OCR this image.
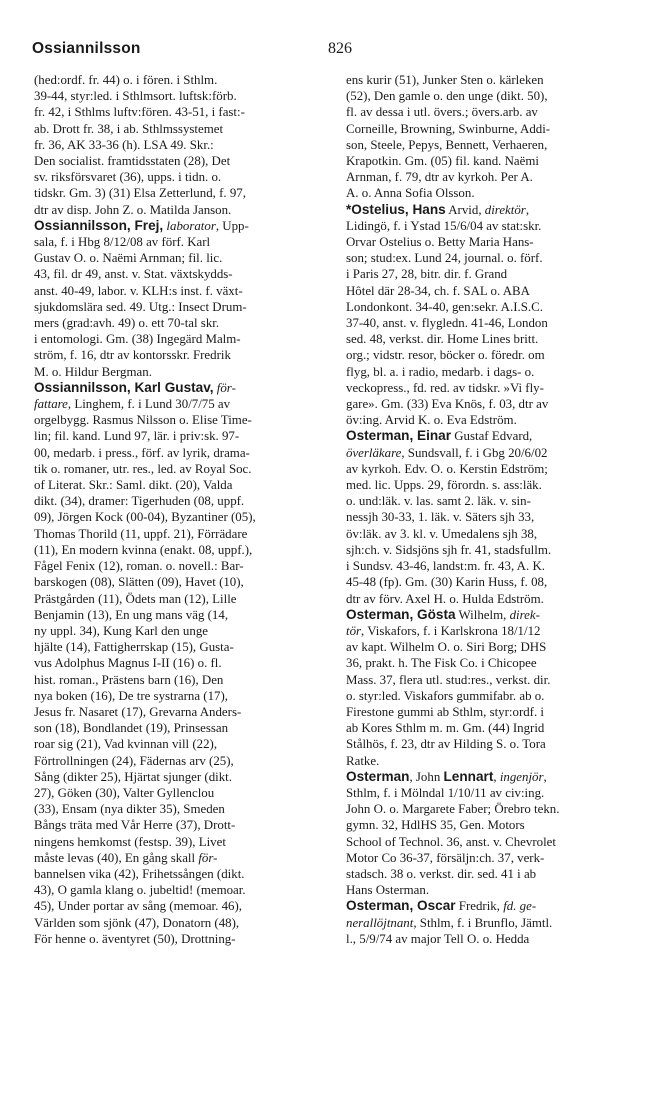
Ossiannilsson	826
(hed:ordf. fr. 44) o. i fören. i Sthlm.
39-44, styr:led. i Sthlmsort. luftsk:förb.
fr. 42, i Sthlms luftv:fören. 43-51, i fast:-
ab. Drott fr. 38, i ab. Sthlmssystemet
fr. 36, AK 33-36 (h). LSA 49. Skr.:
Den socialist. framtidsstaten (28), Det
sv. riksförsvaret (36), upps. i tidn. o.
tidskr. Gm. 3) (31) Elsa Zetterlund, f. 97,
dtr av disp. John Z. o. Matilda Janson.
Ossiannilsson, Frej, laborator, Upp-
sala, f. i Hbg 8/12/08 av förf. Karl
Gustav O. o. Naëmi Arnman; fil. lic.
43, fil. dr 49, anst. v. Stat. växtskydds-
anst. 40-49, labor. v. KLH:s inst. f. växt-
sjukdomslära sed. 49. Utg.: Insect Drum-
mers (grad:avh. 49) o. ett 70-tal skr.
i entomologi. Gm. (38) Ingegärd Malm-
ström, f. 16, dtr av kontorsskr. Fredrik
M. o. Hildur Bergman.
Ossiannilsson, Karl Gustav, för-
fattare, Linghem, f. i Lund 30/7/75 av
orgelbygg. Rasmus Nilsson o. Elise Time-
lin; fil. kand. Lund 97, lär. i priv:sk. 97-
00, medarb. i press., förf. av lyrik, drama-
tik o. romaner, utr. res., led. av Royal Soc.
of Literat. Skr.: Saml. dikt. (20), Valda
dikt. (34), dramer: Tigerhuden (08, uppf.
09), Jörgen Kock (00-04), Byzantiner (05),
Thomas Thorild (11, uppf. 21), Förrädare
(11), En modern kvinna (enakt. 08, uppf.),
Fågel Fenix (12), roman. o. novell.: Bar-
barskogen (08), Slätten (09), Havet (10),
Prästgården (11), Ödets man (12), Lille
Benjamin (13), En ung mans väg (14,
ny uppl. 34), Kung Karl den unge
hjälte (14), Fattigherrskap (15), Gusta-
vus Adolphus Magnus I-II (16) o. fl.
hist. roman., Prästens barn (16), Den
nya boken (16), De tre systrarna (17),
Jesus fr. Nasaret (17), Grevarna Anders-
son (18), Bondlandet (19), Prinsessan
roar sig (21), Vad kvinnan vill (22),
Förtrollningen (24), Fädernas arv (25),
Sång (dikter 25), Hjärtat sjunger (dikt.
27), Göken (30), Valter Gyllenclou
(33), Ensam (nya dikter 35), Smeden
Bångs träta med Vår Herre (37), Drott-
ningens hemkomst (festsp. 39), Livet
måste levas (40), En gång skall för-
bannelsen vika (42), Frihetssången (dikt.
43), O gamla klang o. jubeltid! (memoar.
45), Under portar av sång (memoar. 46),
Världen som sjönk (47), Donatorn (48),
För henne o. äventyret (50), Drottning-
ens kurir (51), Junker Sten o. kärleken
(52), Den gamle o. den unge (dikt. 50),
fl. av dessa i utl. övers.; övers.arb. av
Corneille, Browning, Swinburne, Addi-
son, Steele, Pepys, Bennett, Verhaeren,
Krapotkin. Gm. (05) fil. kand. Naëmi
Arnman, f. 79, dtr av kyrkoh. Per A.
A. o. Anna Sofia Olsson.
*Ostelius, Hans Arvid, direktör,
Lidingö, f. i Ystad 15/6/04 av stat:skr.
Orvar Ostelius o. Betty Maria Hans-
son; stud:ex. Lund 24, journal. o. förf.
i Paris 27, 28, bitr. dir. f. Grand
Hôtel där 28-34, ch. f. SAL o. ABA
Londonkont. 34-40, gen:sekr. A.I.S.C.
37-40, anst. v. flygledn. 41-46, London
sed. 48, verkst. dir. Home Lines britt.
org.; vidstr. resor, böcker o. föredr. om
flyg, bl. a. i radio, medarb. i dags- o.
veckopress., fd. red. av tidskr. »Vi fly-
gare». Gm. (33) Eva Knös, f. 03, dtr av
öv:ing. Arvid K. o. Eva Edström.
Osterman, Einar Gustaf Edvard,
överläkare, Sundsvall, f. i Gbg 20/6/02
av kyrkoh. Edv. O. o. Kerstin Edström;
med. lic. Upps. 29, förordn. s. ass:läk.
o. und:läk. v. las. samt 2. läk. v. sin-
nessjh 30-33, 1. läk. v. Säters sjh 33,
öv:läk. av 3. kl. v. Umedalens sjh 38,
sjh:ch. v. Sidsjöns sjh fr. 41, stadsfullm.
i Sundsv. 43-46, landst:m. fr. 43, A. K.
45-48 (fp). Gm. (30) Karin Huss, f. 08,
dtr av förv. Axel H. o. Hulda Edström.
Osterman, Gösta Wilhelm, direk-
tör, Viskafors, f. i Karlskrona 18/1/12
av kapt. Wilhelm O. o. Siri Borg; DHS
36, prakt. h. The Fisk Co. i Chicopee
Mass. 37, flera utl. stud:res., verkst. dir.
o. styr:led. Viskafors gummifabr. ab o.
Firestone gummi ab Sthlm, styr:ordf. i
ab Kores Sthlm m. m. Gm. (44) Ingrid
Stålhös, f. 23, dtr av Hilding S. o. Tora
Ratke.
Osterman, John Lennart, ingenjör,
Sthlm, f. i Mölndal 1/10/11 av civ:ing.
John O. o. Margarete Faber; Örebro tekn.
gymn. 32, HdlHS 35, Gen. Motors
School of Technol. 36, anst. v. Chevrolet
Motor Co 36-37, försäljn:ch. 37, verk-
stadsch. 38 o. verkst. dir. sed. 41 i ab
Hans Osterman.
Osterman, Oscar Fredrik, fd. ge-
nerallöjtnant, Sthlm, f. i Brunflo, Jämtl.
l., 5/9/74 av major Tell O. o. Hedda
